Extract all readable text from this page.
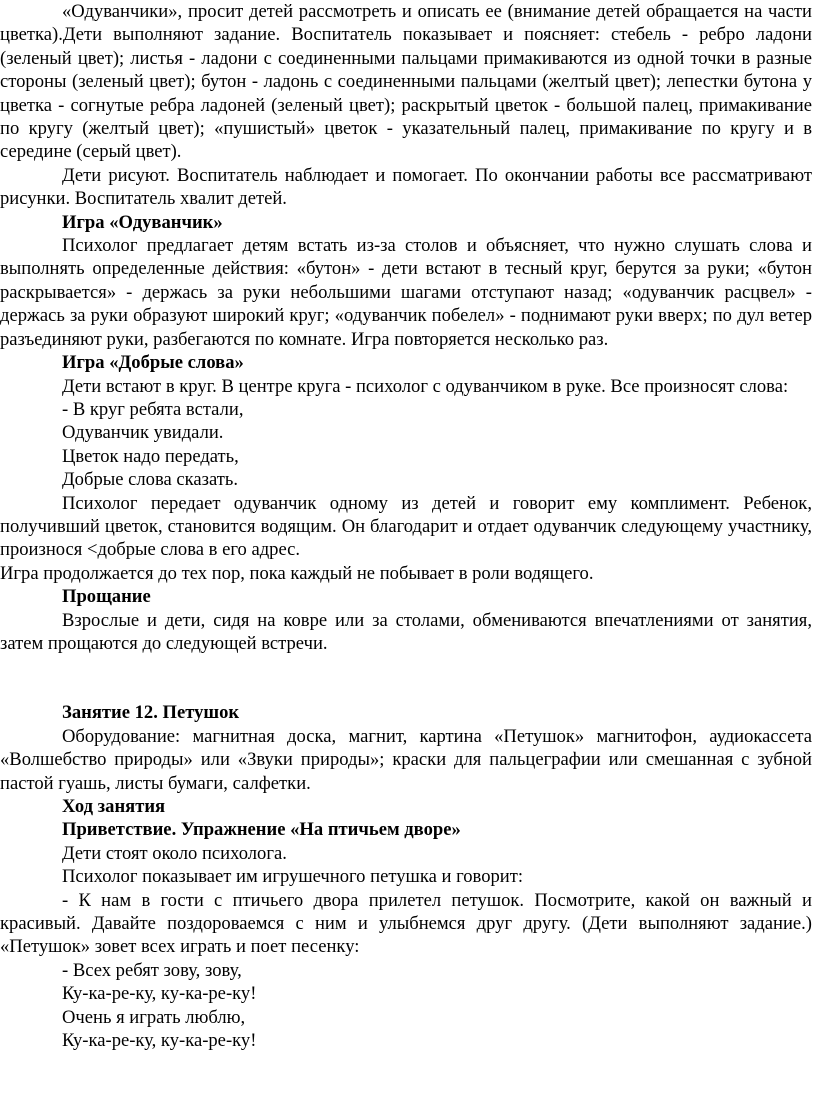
«Одуванчики», просит детей рассмотреть и описать ее (внимание детей обращается на части цветка).Дети выполняют задание. Воспитатель показывает и поясняет: стебель - ребро ладони (зеленый цвет); листья - ладони с соединенными пальцами примакиваются из одной точки в разные стороны (зеленый цвет); бутон - ладонь с соединенными пальцами (желтый цвет); лепестки бутона у цветка - согнутые ребра ладоней (зеленый цвет); раскрытый цветок - большой палец, примакивание по кругу (желтый цвет); «пушистый» цветок - указательный палец, примакивание по кругу и в середине (серый цвет).

Дети рисуют. Воспитатель наблюдает и помогает. По окончании работы все рассматривают рисунки. Воспитатель хвалит детей.

Игра «Одуванчик»

Психолог предлагает детям встать из-за столов и объясняет, что нужно слушать слова и выполнять определенные действия: «бутон» - дети встают в тесный круг, берутся за руки; «бутон раскрывается» - держась за руки небольшими шагами отступают назад; «одуванчик расцвел» - держась за руки образуют широкий круг; «одуванчик побелел» - поднимают руки вверх; по дул ветер разъединяют руки, разбегаются по комнате. Игра повторяется несколько раз.

Игра «Добрые слова»

Дети встают в круг. В центре круга - психолог с одуванчиком в руке. Все произносят слова:

- В круг ребята встали,

Одуванчик увидали.

Цветок надо передать,

Добрые слова сказать.

Психолог передает одуванчик одному из детей и говорит ему комплимент. Ребенок, получивший цветок, становится водящим. Он благодарит и отдает одуванчик следующему участнику, произнося <добрые слова в его адрес.

Игра продолжается до тех пор, пока каждый не побывает в роли водящего.

Прощание

Взрослые и дети, сидя на ковре или за столами, обмениваются впечатлениями от занятия, затем прощаются до следующей встречи.

Занятие 12. Петушок

Оборудование: магнитная доска, магнит, картина «Петушок» магнитофон, аудиокассета «Волшебство природы» или «Звуки природы»; краски для пальцеграфии или смешанная с зубной пастой гуашь, листы бумаги, салфетки.

Ход занятия

Приветствие. Упражнение «На птичьем дворе»

Дети стоят около психолога.

Психолог показывает им игрушечного петушка и говорит:

- К нам в гости с птичьего двора прилетел петушок. Посмотрите, какой он важный и красивый. Давайте поздороваемся с ним и улыбнемся друг другу. (Дети выполняют задание.) «Петушок» зовет всех играть и поет песенку:

- Всех ребят зову, зову,

Ку-ка-ре-ку, ку-ка-ре-ку!

Очень я играть люблю,

Ку-ка-ре-ку, ку-ка-ре-ку!
